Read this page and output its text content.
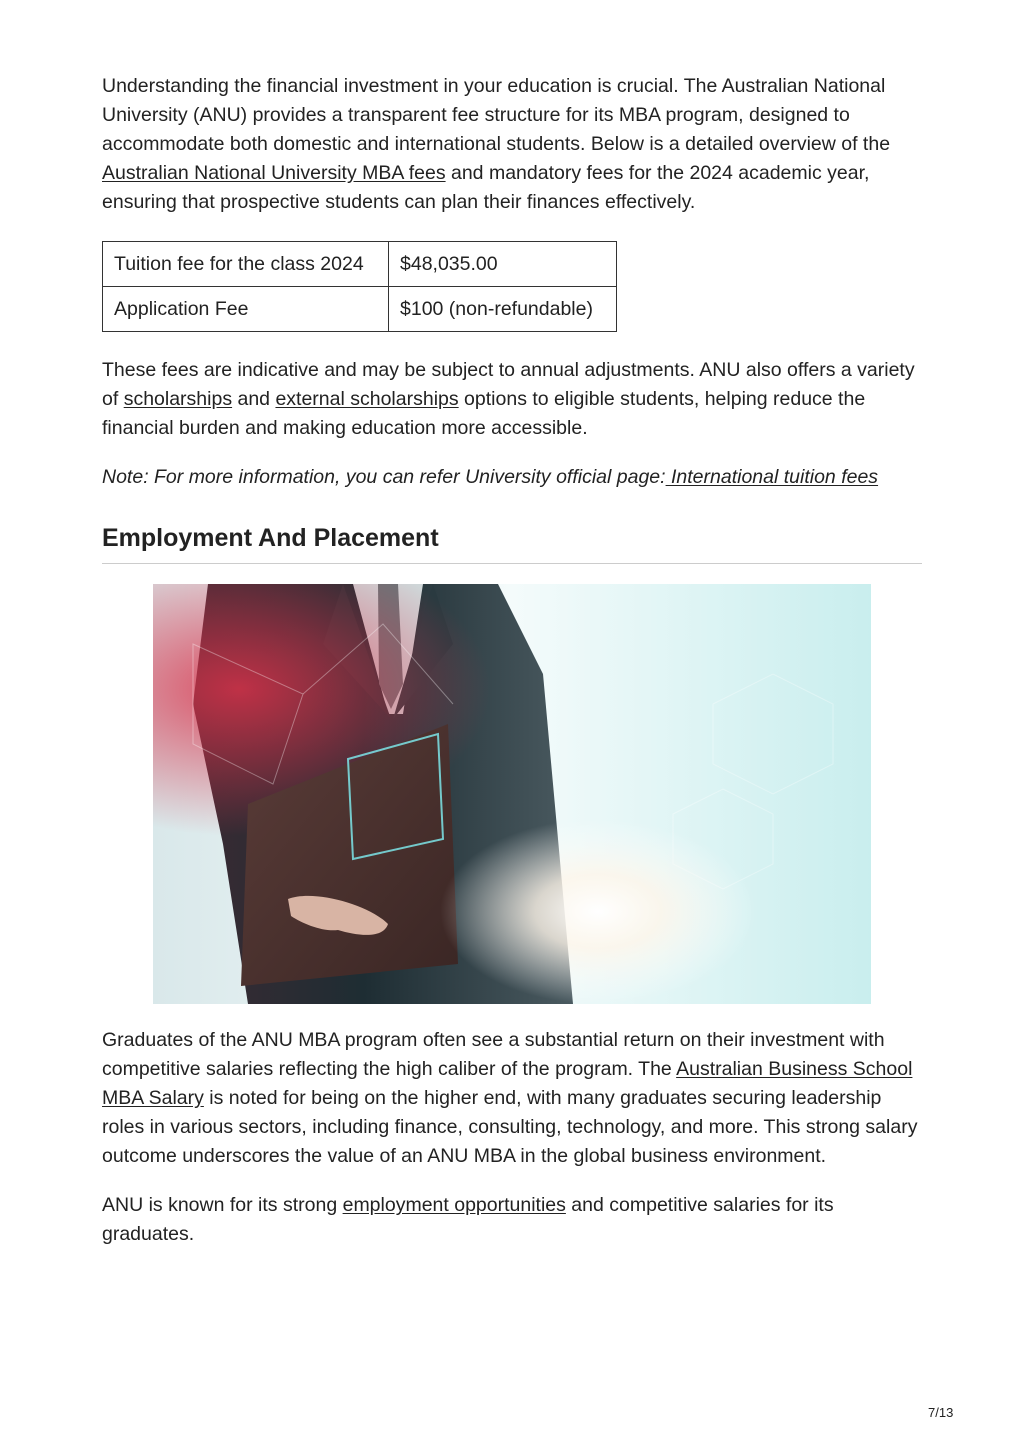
Understanding the financial investment in your education is crucial. The Australian National University (ANU) provides a transparent fee structure for its MBA program, designed to accommodate both domestic and international students. Below is a detailed overview of the Australian National University MBA fees and mandatory fees for the 2024 academic year, ensuring that prospective students can plan their finances effectively.

Tuition fee for the class 2024	$48,035.00
Application Fee	$100 (non-refundable)

These fees are indicative and may be subject to annual adjustments. ANU also offers a variety of scholarships and external scholarships options to eligible students, helping reduce the financial burden and making education more accessible.

Note: For more information, you can refer University official page: International tuition fees

Employment And Placement

Graduates of the ANU MBA program often see a substantial return on their investment with competitive salaries reflecting the high caliber of the program. The Australian Business School MBA Salary is noted for being on the higher end, with many graduates securing leadership roles in various sectors, including finance, consulting, technology, and more. This strong salary outcome underscores the value of an ANU MBA in the global business environment.

ANU is known for its strong employment opportunities and competitive salaries for its graduates.

7/13
